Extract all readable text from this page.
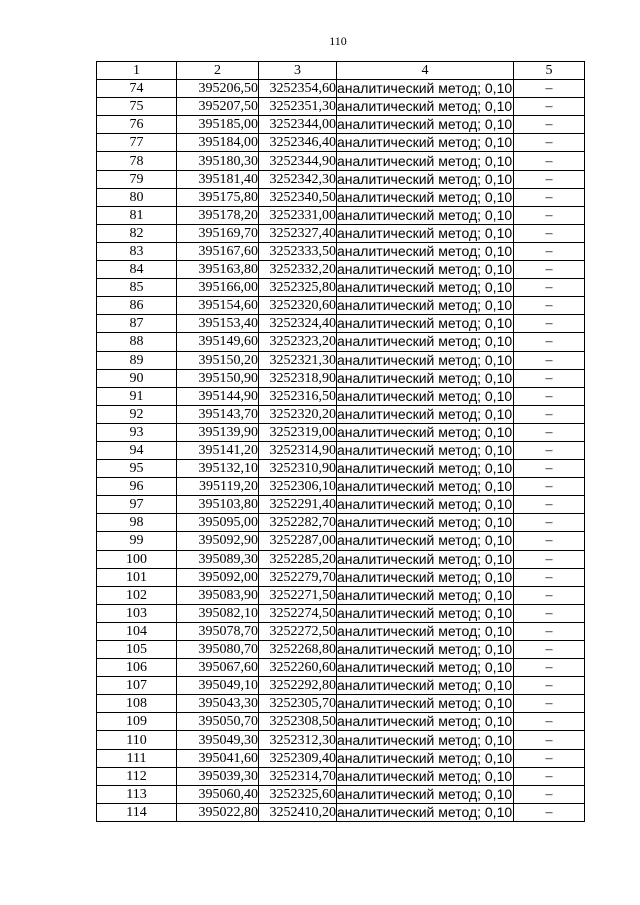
110
1	2	3	4	5
74	395206,50	3252354,60	аналитический метод; 0,10	–
75	395207,50	3252351,30	аналитический метод; 0,10	–
76	395185,00	3252344,00	аналитический метод; 0,10	–
77	395184,00	3252346,40	аналитический метод; 0,10	–
78	395180,30	3252344,90	аналитический метод; 0,10	–
79	395181,40	3252342,30	аналитический метод; 0,10	–
80	395175,80	3252340,50	аналитический метод; 0,10	–
81	395178,20	3252331,00	аналитический метод; 0,10	–
82	395169,70	3252327,40	аналитический метод; 0,10	–
83	395167,60	3252333,50	аналитический метод; 0,10	–
84	395163,80	3252332,20	аналитический метод; 0,10	–
85	395166,00	3252325,80	аналитический метод; 0,10	–
86	395154,60	3252320,60	аналитический метод; 0,10	–
87	395153,40	3252324,40	аналитический метод; 0,10	–
88	395149,60	3252323,20	аналитический метод; 0,10	–
89	395150,20	3252321,30	аналитический метод; 0,10	–
90	395150,90	3252318,90	аналитический метод; 0,10	–
91	395144,90	3252316,50	аналитический метод; 0,10	–
92	395143,70	3252320,20	аналитический метод; 0,10	–
93	395139,90	3252319,00	аналитический метод; 0,10	–
94	395141,20	3252314,90	аналитический метод; 0,10	–
95	395132,10	3252310,90	аналитический метод; 0,10	–
96	395119,20	3252306,10	аналитический метод; 0,10	–
97	395103,80	3252291,40	аналитический метод; 0,10	–
98	395095,00	3252282,70	аналитический метод; 0,10	–
99	395092,90	3252287,00	аналитический метод; 0,10	–
100	395089,30	3252285,20	аналитический метод; 0,10	–
101	395092,00	3252279,70	аналитический метод; 0,10	–
102	395083,90	3252271,50	аналитический метод; 0,10	–
103	395082,10	3252274,50	аналитический метод; 0,10	–
104	395078,70	3252272,50	аналитический метод; 0,10	–
105	395080,70	3252268,80	аналитический метод; 0,10	–
106	395067,60	3252260,60	аналитический метод; 0,10	–
107	395049,10	3252292,80	аналитический метод; 0,10	–
108	395043,30	3252305,70	аналитический метод; 0,10	–
109	395050,70	3252308,50	аналитический метод; 0,10	–
110	395049,30	3252312,30	аналитический метод; 0,10	–
111	395041,60	3252309,40	аналитический метод; 0,10	–
112	395039,30	3252314,70	аналитический метод; 0,10	–
113	395060,40	3252325,60	аналитический метод; 0,10	–
114	395022,80	3252410,20	аналитический метод; 0,10	–
